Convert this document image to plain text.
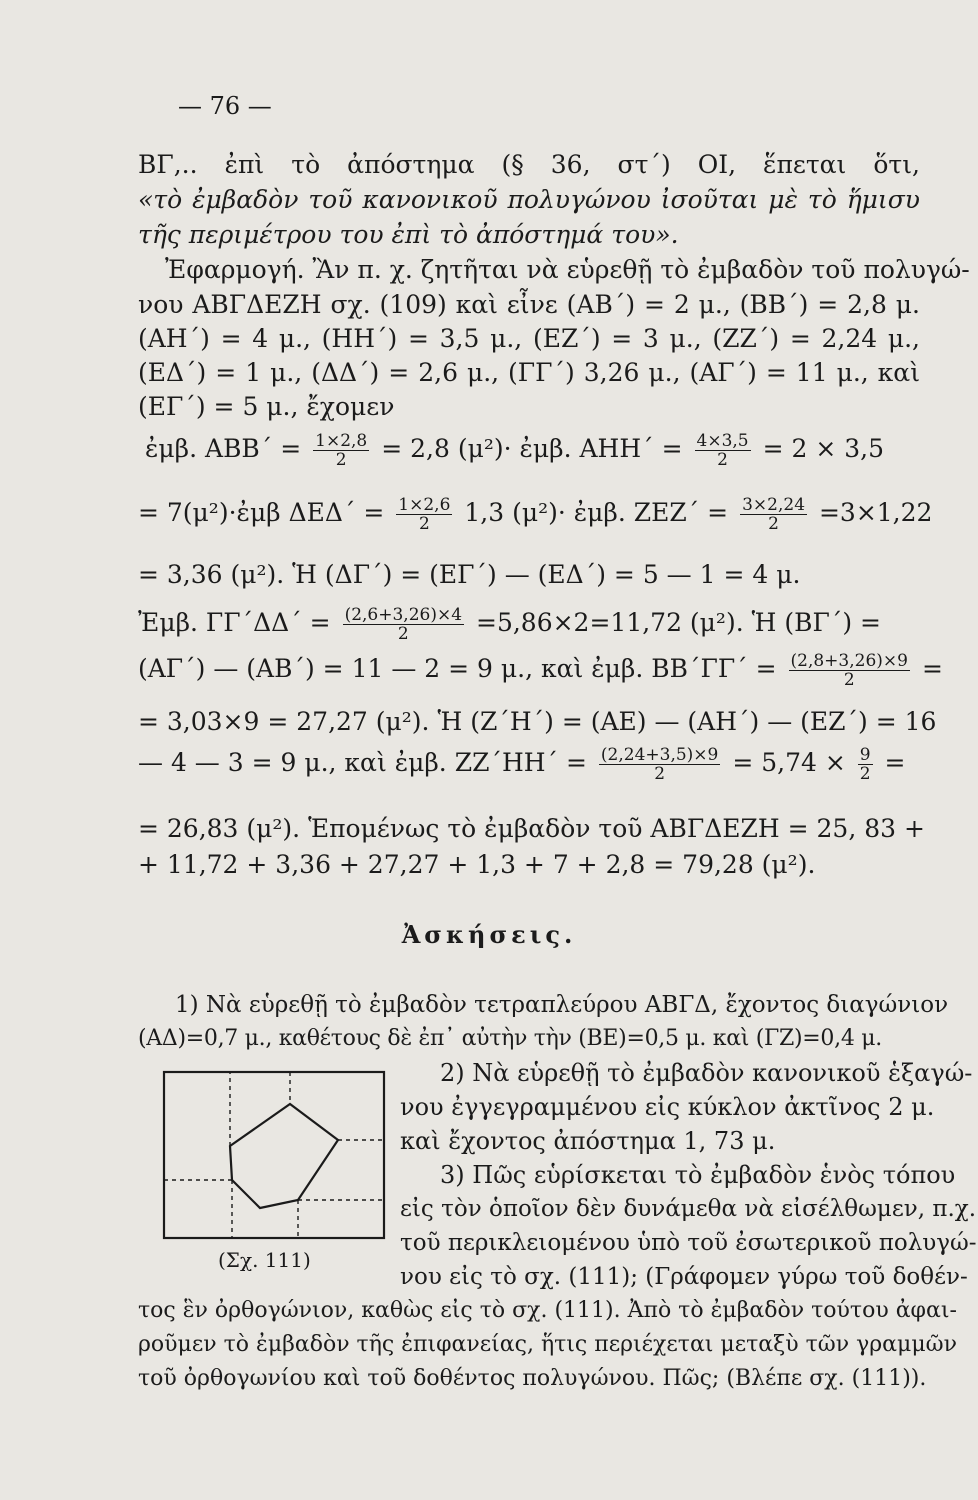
— 76 —
ΒΓ,.. ἐπὶ τὸ ἀπόστημα (§ 36, στ΄) ΟΙ, ἕπεται ὅτι,
«τὸ ἐμβαδὸν τοῦ κανονικοῦ πολυγώνου ἰσοῦται μὲ τὸ ἥμισυ
τῆς περιμέτρου του ἐπὶ τὸ ἀπόστημά του».
Ἐφαρμογή. Ἂν π. χ. ζητῆται νὰ εὑρεθῇ τὸ ἐμβαδὸν τοῦ πολυγώ-
νου ΑΒΓΔΕΖΗ σχ. (109) καὶ εἶνε (ΑΒ΄) = 2 μ., (ΒΒ΄) = 2,8 μ.
(ΑΗ΄) = 4 μ., (ΗΗ΄) = 3,5 μ., (ΕΖ΄) = 3 μ., (ΖΖ΄) = 2,24 μ.,
(ΕΔ΄) = 1 μ., (ΔΔ΄) = 2,6 μ., (ΓΓ΄) 3,26 μ., (ΑΓ΄) = 11 μ., καὶ
(ΕΓ΄) = 5 μ., ἔχομεν
ἐμβ. $ABB΄ = \frac{1\times 2,8}{2} = 2,8$ (μ²)· ἐμβ. $AHH΄ = \frac{4\times 3,5}{2} = 2 \times 3,5$
= 7(μ²)·ἐμβ $\Delta E\Delta΄ = \frac{1\times 2,6}{2} 1,3$ (μ²)· ἐμβ. $ZEZ΄ = \frac{3\times 2,24}{2} =3\times 1,22$
= 3,36 (μ²). Ἡ (ΔΓ΄) = (ΕΓ΄) — (ΕΔ΄) = 5 — 1 = 4 μ.
Ἐμβ. $\Gamma\Gamma΄\Delta\Delta΄ = \frac{(2,6+3,26)\times 4}{2} =5,86\times 2=11,72$ (μ²). Ἡ (ΒΓ΄) =
(ΑΓ΄) — (ΑΒ΄) = 11 — 2 = 9 μ., καὶ ἐμβ. $BB΄\Gamma\Gamma΄ = \frac{(2,8+3,26)\times 9}{2}$ =
= 3,03×9 = 27,27 (μ²). Ἡ (Ζ΄Η΄) = (ΑΕ) — (ΑΗ΄) — (ΕΖ΄) = 16
— 4 — 3 = 9 μ., καὶ ἐμβ. $ZZ΄HH΄ = \frac{(2,24+3,5)\times 9}{2} = 5,74 \times \frac{9}{2}$ =
= 26,83 (μ²). Ἑπομένως τὸ ἐμβαδὸν τοῦ ΑΒΓΔΕΖΗ = 25, 83 +
+ 11,72 + 3,36 + 27,27 + 1,3 + 7 + 2,8 = 79,28 (μ²).
Ἀσκήσεις.
1) Νὰ εὑρεθῇ τὸ ἐμβαδὸν τετραπλεύρου ΑΒΓΔ, ἔχοντος διαγώνιον
(ΑΔ)=0,7 μ., καθέτους δὲ ἐπ᾽ αὐτὴν τὴν (ΒΕ)=0,5 μ. καὶ (ΓΖ)=0,4 μ.
2) Νὰ εὑρεθῇ τὸ ἐμβαδὸν κανονικοῦ ἑξαγώ-
νου ἐγγεγραμμένου εἰς κύκλον ἀκτῖνος 2 μ.
καὶ ἔχοντος ἀπόστημα 1, 73 μ.
3) Πῶς εὑρίσκεται τὸ ἐμβαδὸν ἑνὸς τόπου
εἰς τὸν ὁποῖον δὲν δυνάμεθα νὰ εἰσέλθωμεν, π.χ.
τοῦ περικλειομένου ὑπὸ τοῦ ἐσωτερικοῦ πολυγώ-
νου εἰς τὸ σχ. (111); (Γράφομεν γύρω τοῦ δοθέν-
τος ἓν ὀρθογώνιον, καθὼς εἰς τὸ σχ. (111). Ἀπὸ τὸ ἐμβαδὸν τούτου ἀφαι-
ροῦμεν τὸ ἐμβαδὸν τῆς ἐπιφανείας, ἥτις περιέχεται μεταξὺ τῶν γραμμῶν
τοῦ ὀρθογωνίου καὶ τοῦ δοθέντος πολυγώνου. Πῶς; (Βλέπε σχ. (111)).
(Σχ. 111)
